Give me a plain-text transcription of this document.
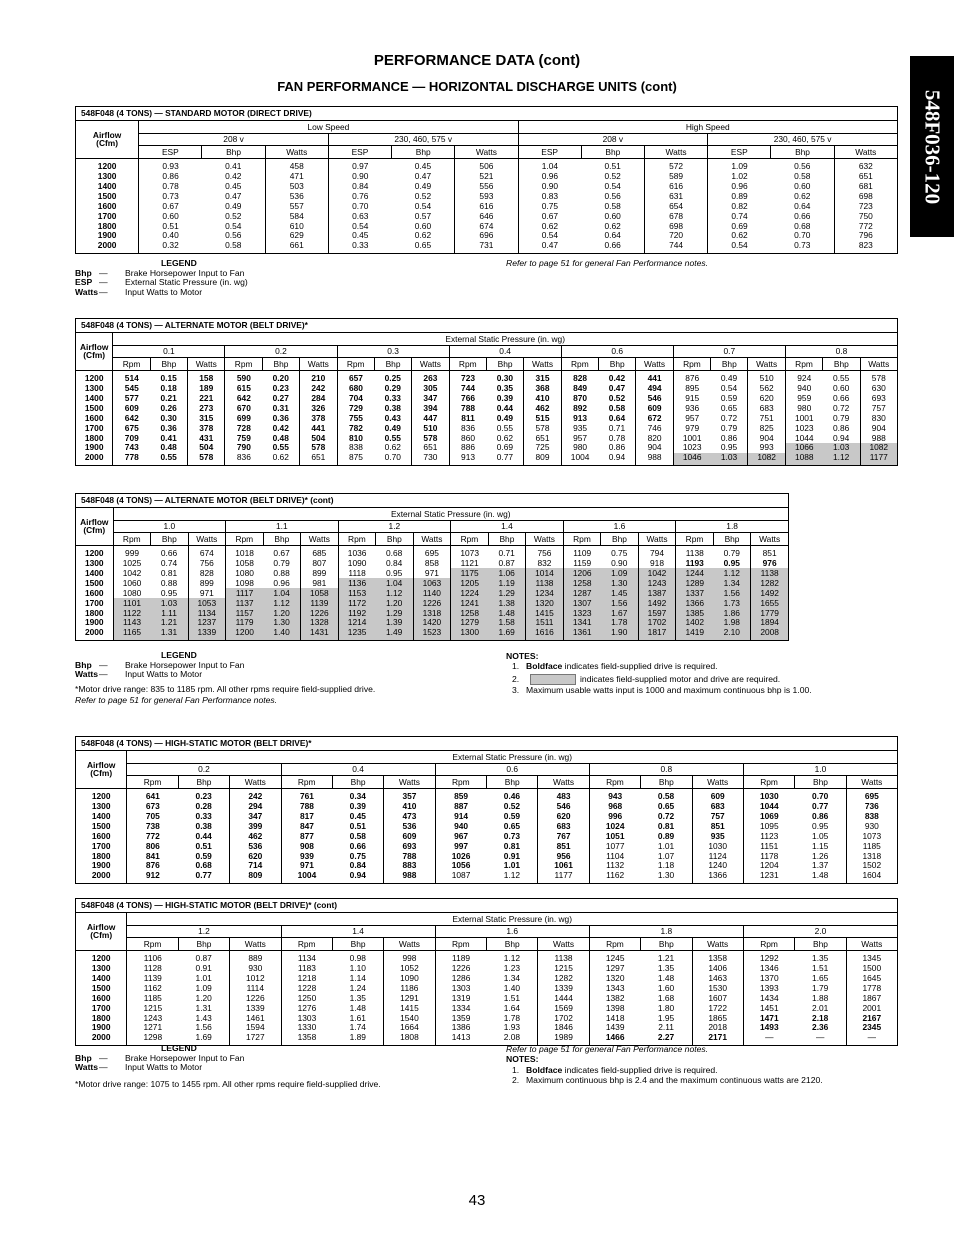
548F036-120
PERFORMANCE DATA (cont)
FAN PERFORMANCE — HORIZONTAL DISCHARGE UNITS (cont)
548F048 (4 TONS) — STANDARD MOTOR (DIRECT DRIVE)												
Airflow
(Cfm)	Low Speed						High Speed					
	208 v			230, 460, 575 v			208 v			230, 460, 575 v		
	ESP	Bhp	Watts	ESP	Bhp	Watts	ESP	Bhp	Watts	ESP	Bhp	Watts
1200	0.93	0.41	458	0.97	0.45	506	1.04	0.51	572	1.09	0.56	632
1300	0.86	0.42	471	0.90	0.47	521	0.96	0.52	589	1.02	0.58	651
1400	0.78	0.45	503	0.84	0.49	556	0.90	0.54	616	0.96	0.60	681
1500	0.73	0.47	536	0.76	0.52	593	0.83	0.56	631	0.89	0.62	698
1600	0.67	0.49	557	0.70	0.54	616	0.75	0.58	654	0.82	0.64	723
1700	0.60	0.52	584	0.63	0.57	646	0.67	0.60	678	0.74	0.66	750
1800	0.51	0.54	610	0.54	0.60	674	0.62	0.62	698	0.69	0.68	772
1900	0.40	0.56	629	0.45	0.62	696	0.54	0.64	720	0.62	0.70	796
2000	0.32	0.58	661	0.33	0.65	731	0.47	0.66	744	0.54	0.73	823
LEGEND
Bhp — Brake Horsepower Input to Fan
ESP — External Static Pressure (in. wg)
Watts— Input Watts to Motor
Refer to page 51 for general Fan Performance notes.
548F048 (4 TONS) — ALTERNATE MOTOR (BELT DRIVE)*																					
Airflow
(Cfm)	External Static Pressure (in. wg)																				
	0.1			0.2			0.3			0.4			0.6			0.7			0.8		
	Rpm	Bhp	Watts	Rpm	Bhp	Watts	Rpm	Bhp	Watts	Rpm	Bhp	Watts	Rpm	Bhp	Watts	Rpm	Bhp	Watts	Rpm	Bhp	Watts
1200	514	0.15	158	590	0.20	210	657	0.25	263	723	0.30	315	828	0.42	441	876	0.49	510	924	0.55	578
1300	545	0.18	189	615	0.23	242	680	0.29	305	744	0.35	368	849	0.47	494	895	0.54	562	940	0.60	630
1400	577	0.21	221	642	0.27	284	704	0.33	347	766	0.39	410	870	0.52	546	915	0.59	620	959	0.66	693
1500	609	0.26	273	670	0.31	326	729	0.38	394	788	0.44	462	892	0.58	609	936	0.65	683	980	0.72	757
1600	642	0.30	315	699	0.36	378	755	0.43	447	811	0.49	515	913	0.64	672	957	0.72	751	1001	0.79	830
1700	675	0.36	378	728	0.42	441	782	0.49	510	836	0.55	578	935	0.71	746	979	0.79	825	1023	0.86	904
1800	709	0.41	431	759	0.48	504	810	0.55	578	860	0.62	651	957	0.78	820	1001	0.86	904	1044	0.94	988
1900	743	0.48	504	790	0.55	578	838	0.62	651	886	0.69	725	980	0.86	904	1023	0.95	993	1066	1.03	1082
2000	778	0.55	578	836	0.62	651	875	0.70	730	913	0.77	809	1004	0.94	988	1046	1.03	1082	1088	1.12	1177
548F048 (4 TONS) — ALTERNATE MOTOR (BELT DRIVE)* (cont)																		
Airflow
(Cfm)	External Static Pressure (in. wg)																	
	1.0			1.1			1.2			1.4			1.6			1.8		
	Rpm	Bhp	Watts	Rpm	Bhp	Watts	Rpm	Bhp	Watts	Rpm	Bhp	Watts	Rpm	Bhp	Watts	Rpm	Bhp	Watts
1200	999	0.66	674	1018	0.67	685	1036	0.68	695	1073	0.71	756	1109	0.75	794	1138	0.79	851
1300	1025	0.74	756	1058	0.79	807	1090	0.84	858	1121	0.87	832	1159	0.90	918	1193	0.95	976
1400	1042	0.81	828	1080	0.88	899	1118	0.95	971	1175	1.06	1014	1206	1.09	1042	1244	1.12	1138
1500	1060	0.88	899	1098	0.96	981	1136	1.04	1063	1205	1.19	1138	1258	1.30	1243	1289	1.34	1282
1600	1080	0.95	971	1117	1.04	1058	1153	1.12	1140	1224	1.29	1234	1287	1.45	1387	1337	1.56	1492
1700	1101	1.03	1053	1137	1.12	1139	1172	1.20	1226	1241	1.38	1320	1307	1.56	1492	1366	1.73	1655
1800	1122	1.11	1134	1157	1.20	1226	1192	1.29	1318	1258	1.48	1415	1323	1.67	1597	1385	1.86	1779
1900	1143	1.21	1237	1179	1.30	1328	1214	1.39	1420	1279	1.58	1511	1341	1.78	1702	1402	1.98	1894
2000	1165	1.31	1339	1200	1.40	1431	1235	1.49	1523	1300	1.69	1616	1361	1.90	1817	1419	2.10	2008
LEGEND
Bhp — Brake Horsepower Input to Fan
Watts— Input Watts to Motor
*Motor drive range: 835 to 1185 rpm. All other rpms require field-supplied drive.
Refer to page 51 for general Fan Performance notes.
NOTES:
1. Boldface indicates field-supplied drive is required.
2.	indicates field-supplied motor and drive are required.
3. Maximum usable watts input is 1000 and maximum continuous bhp is 1.00.
548F048 (4 TONS) — HIGH-STATIC MOTOR (BELT DRIVE)*															
Airflow
(Cfm)	External Static Pressure (in. wg)														
	0.2			0.4			0.6			0.8			1.0		
	Rpm	Bhp	Watts	Rpm	Bhp	Watts	Rpm	Bhp	Watts	Rpm	Bhp	Watts	Rpm	Bhp	Watts
1200	641	0.23	242	761	0.34	357	859	0.46	483	943	0.58	609	1030	0.70	695
1300	673	0.28	294	788	0.39	410	887	0.52	546	968	0.65	683	1044	0.77	736
1400	705	0.33	347	817	0.45	473	914	0.59	620	996	0.72	757	1069	0.86	838
1500	738	0.38	399	847	0.51	536	940	0.65	683	1024	0.81	851	1095	0.95	930
1600	772	0.44	462	877	0.58	609	967	0.73	767	1051	0.89	935	1123	1.05	1073
1700	806	0.51	536	908	0.66	693	997	0.81	851	1077	1.01	1030	1151	1.15	1185
1800	841	0.59	620	939	0.75	788	1026	0.91	956	1104	1.07	1124	1178	1.26	1318
1900	876	0.68	714	971	0.84	883	1056	1.01	1061	1132	1.18	1240	1204	1.37	1502
2000	912	0.77	809	1004	0.94	988	1087	1.12	1177	1162	1.30	1366	1231	1.48	1604
548F048 (4 TONS) — HIGH-STATIC MOTOR (BELT DRIVE)* (cont)															
Airflow
(Cfm)	External Static Pressure (in. wg)														
	1.2			1.4			1.6			1.8			2.0		
	Rpm	Bhp	Watts	Rpm	Bhp	Watts	Rpm	Bhp	Watts	Rpm	Bhp	Watts	Rpm	Bhp	Watts
1200	1106	0.87	889	1134	0.98	998	1189	1.12	1138	1245	1.21	1358	1292	1.35	1345
1300	1128	0.91	930	1183	1.10	1052	1226	1.23	1215	1297	1.35	1406	1346	1.51	1500
1400	1139	1.01	1012	1218	1.14	1090	1286	1.34	1282	1320	1.48	1463	1370	1.65	1645
1500	1162	1.09	1114	1228	1.24	1186	1303	1.40	1339	1343	1.60	1530	1393	1.79	1778
1600	1185	1.20	1226	1250	1.35	1291	1319	1.51	1444	1382	1.68	1607	1434	1.88	1867
1700	1215	1.31	1339	1276	1.48	1415	1334	1.64	1569	1398	1.80	1722	1451	2.01	2001
1800	1243	1.43	1461	1303	1.61	1540	1359	1.78	1702	1418	1.95	1865	1471	2.18	2167
1900	1271	1.56	1594	1330	1.74	1664	1386	1.93	1846	1439	2.11	2018	1493	2.36	2345
2000	1298	1.69	1727	1358	1.89	1808	1413	2.08	1989	1466	2.27	2171	—	—	—
LEGEND
Bhp — Brake Horsepower Input to Fan
Watts— Input Watts to Motor
*Motor drive range: 1075 to 1455 rpm. All other rpms require field-supplied drive.
Refer to page 51 for general Fan Performance notes.
NOTES:
1. Boldface indicates field-supplied drive is required.
2. Maximum continuous bhp is 2.4 and the maximum continuous watts are 2120.
43
